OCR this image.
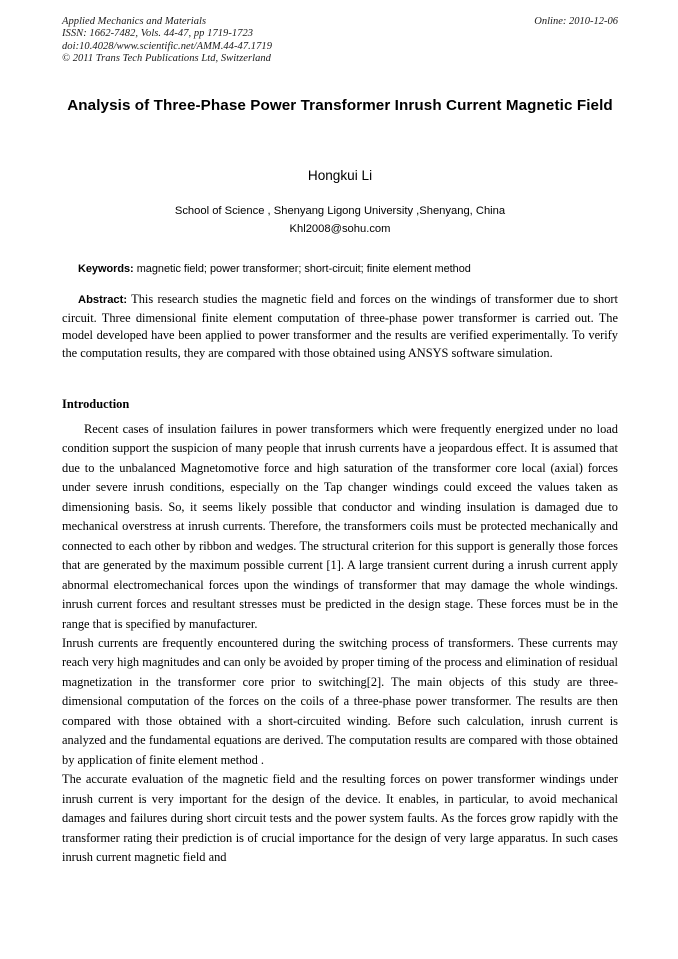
Applied Mechanics and Materials
ISSN: 1662-7482, Vols. 44-47, pp 1719-1723
doi:10.4028/www.scientific.net/AMM.44-47.1719
© 2011 Trans Tech Publications Ltd, Switzerland
Online: 2010-12-06
Analysis of Three-Phase Power Transformer Inrush Current Magnetic Field
Hongkui Li
School of Science , Shenyang Ligong University ,Shenyang, China
Khl2008@sohu.com
Keywords: magnetic field; power transformer; short-circuit; finite element method
Abstract: This research studies the magnetic field and forces on the windings of transformer due to short circuit. Three dimensional finite element computation of three-phase power transformer is carried out. The model developed have been applied to power transformer and the results are verified experimentally. To verify the computation results, they are compared with those obtained using ANSYS software simulation.
Introduction

Recent cases of insulation failures in power transformers which were frequently energized under no load condition support the suspicion of many people that inrush currents have a jeopardous effect. It is assumed that due to the unbalanced Magnetomotive force and high saturation of the transformer core local (axial) forces under severe inrush conditions, especially on the Tap changer windings could exceed the values taken as dimensioning basis. So, it seems likely possible that conductor and winding insulation is damaged due to mechanical overstress at inrush currents. Therefore, the transformers coils must be protected mechanically and connected to each other by ribbon and wedges. The structural criterion for this support is generally those forces that are generated by the maximum possible current [1]. A large transient current during a inrush current apply abnormal electromechanical forces upon the windings of transformer that may damage the whole windings. inrush current forces and resultant stresses must be predicted in the design stage. These forces must be in the range that is specified by manufacturer.

Inrush currents are frequently encountered during the switching process of transformers. These currents may reach very high magnitudes and can only be avoided by proper timing of the process and elimination of residual magnetization in the transformer core prior to switching[2]. The main objects of this study are three-dimensional computation of the forces on the coils of a three-phase power transformer. The results are then compared with those obtained with a short-circuited winding. Before such calculation, inrush current is analyzed and the fundamental equations are derived. The computation results are compared with those obtained by application of finite element method .

The accurate evaluation of the magnetic field and the resulting forces on power transformer windings under inrush current is very important for the design of the device. It enables, in particular, to avoid mechanical damages and failures during short circuit tests and the power system faults. As the forces grow rapidly with the transformer rating their prediction is of crucial importance for the design of very large apparatus. In such cases inrush current magnetic field and
